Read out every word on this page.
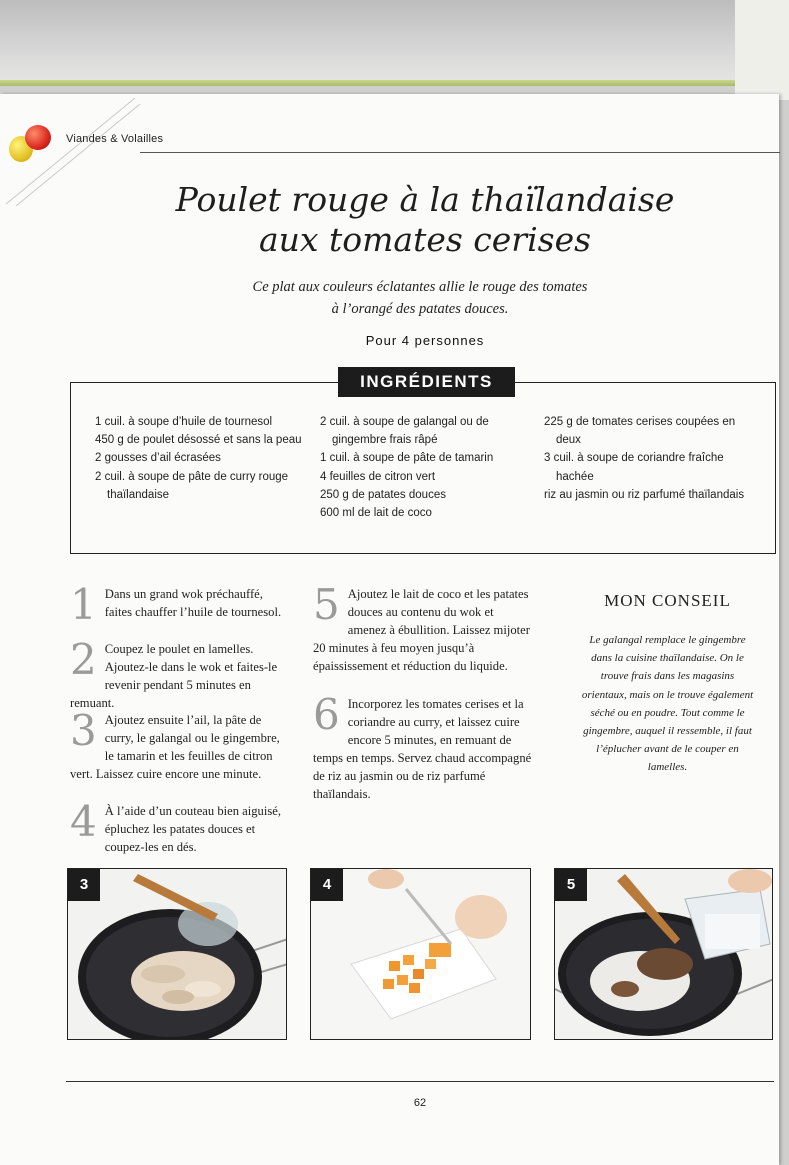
Viandes & Volailles
Poulet rouge à la thaïlandaise
aux tomates cerises
Ce plat aux couleurs éclatantes allie le rouge des tomates
à l’orangé des patates douces.
Pour 4 personnes
INGRÉDIENTS
1 cuil. à soupe d’huile de tournesol
450 g de poulet désossé et sans la peau
2 gousses d’ail écrasées
2 cuil. à soupe de pâte de curry rouge thaïlandaise
2 cuil. à soupe de galangal ou de gingembre frais râpé
1 cuil. à soupe de pâte de tamarin
4 feuilles de citron vert
250 g de patates douces
600 ml de lait de coco
225 g de tomates cerises coupées en deux
3 cuil. à soupe de coriandre fraîche hachée
riz au jasmin ou riz parfumé thaïlandais
1 Dans un grand wok préchauffé, faites chauffer l’huile de tournesol.
2 Coupez le poulet en lamelles. Ajoutez-le dans le wok et faites-le revenir pendant 5 minutes en remuant.
3 Ajoutez ensuite l’ail, la pâte de curry, le galangal ou le gingembre, le tamarin et les feuilles de citron vert. Laissez cuire encore une minute.
4 À l’aide d’un couteau bien aiguisé, épluchez les patates douces et coupez-les en dés.
5 Ajoutez le lait de coco et les patates douces au contenu du wok et amenez à ébullition. Laissez mijoter 20 minutes à feu moyen jusqu’à épaississement et réduction du liquide.
6 Incorporez les tomates cerises et la coriandre au curry, et laissez cuire encore 5 minutes, en remuant de temps en temps. Servez chaud accompagné de riz au jasmin ou de riz parfumé thaïlandais.
MON CONSEIL
Le galangal remplace le gingembre dans la cuisine thaïlandaise. On le trouve frais dans les magasins orientaux, mais on le trouve également séché ou en poudre. Tout comme le gingembre, auquel il ressemble, il faut l’éplucher avant de le couper en lamelles.
3	4	5
62
